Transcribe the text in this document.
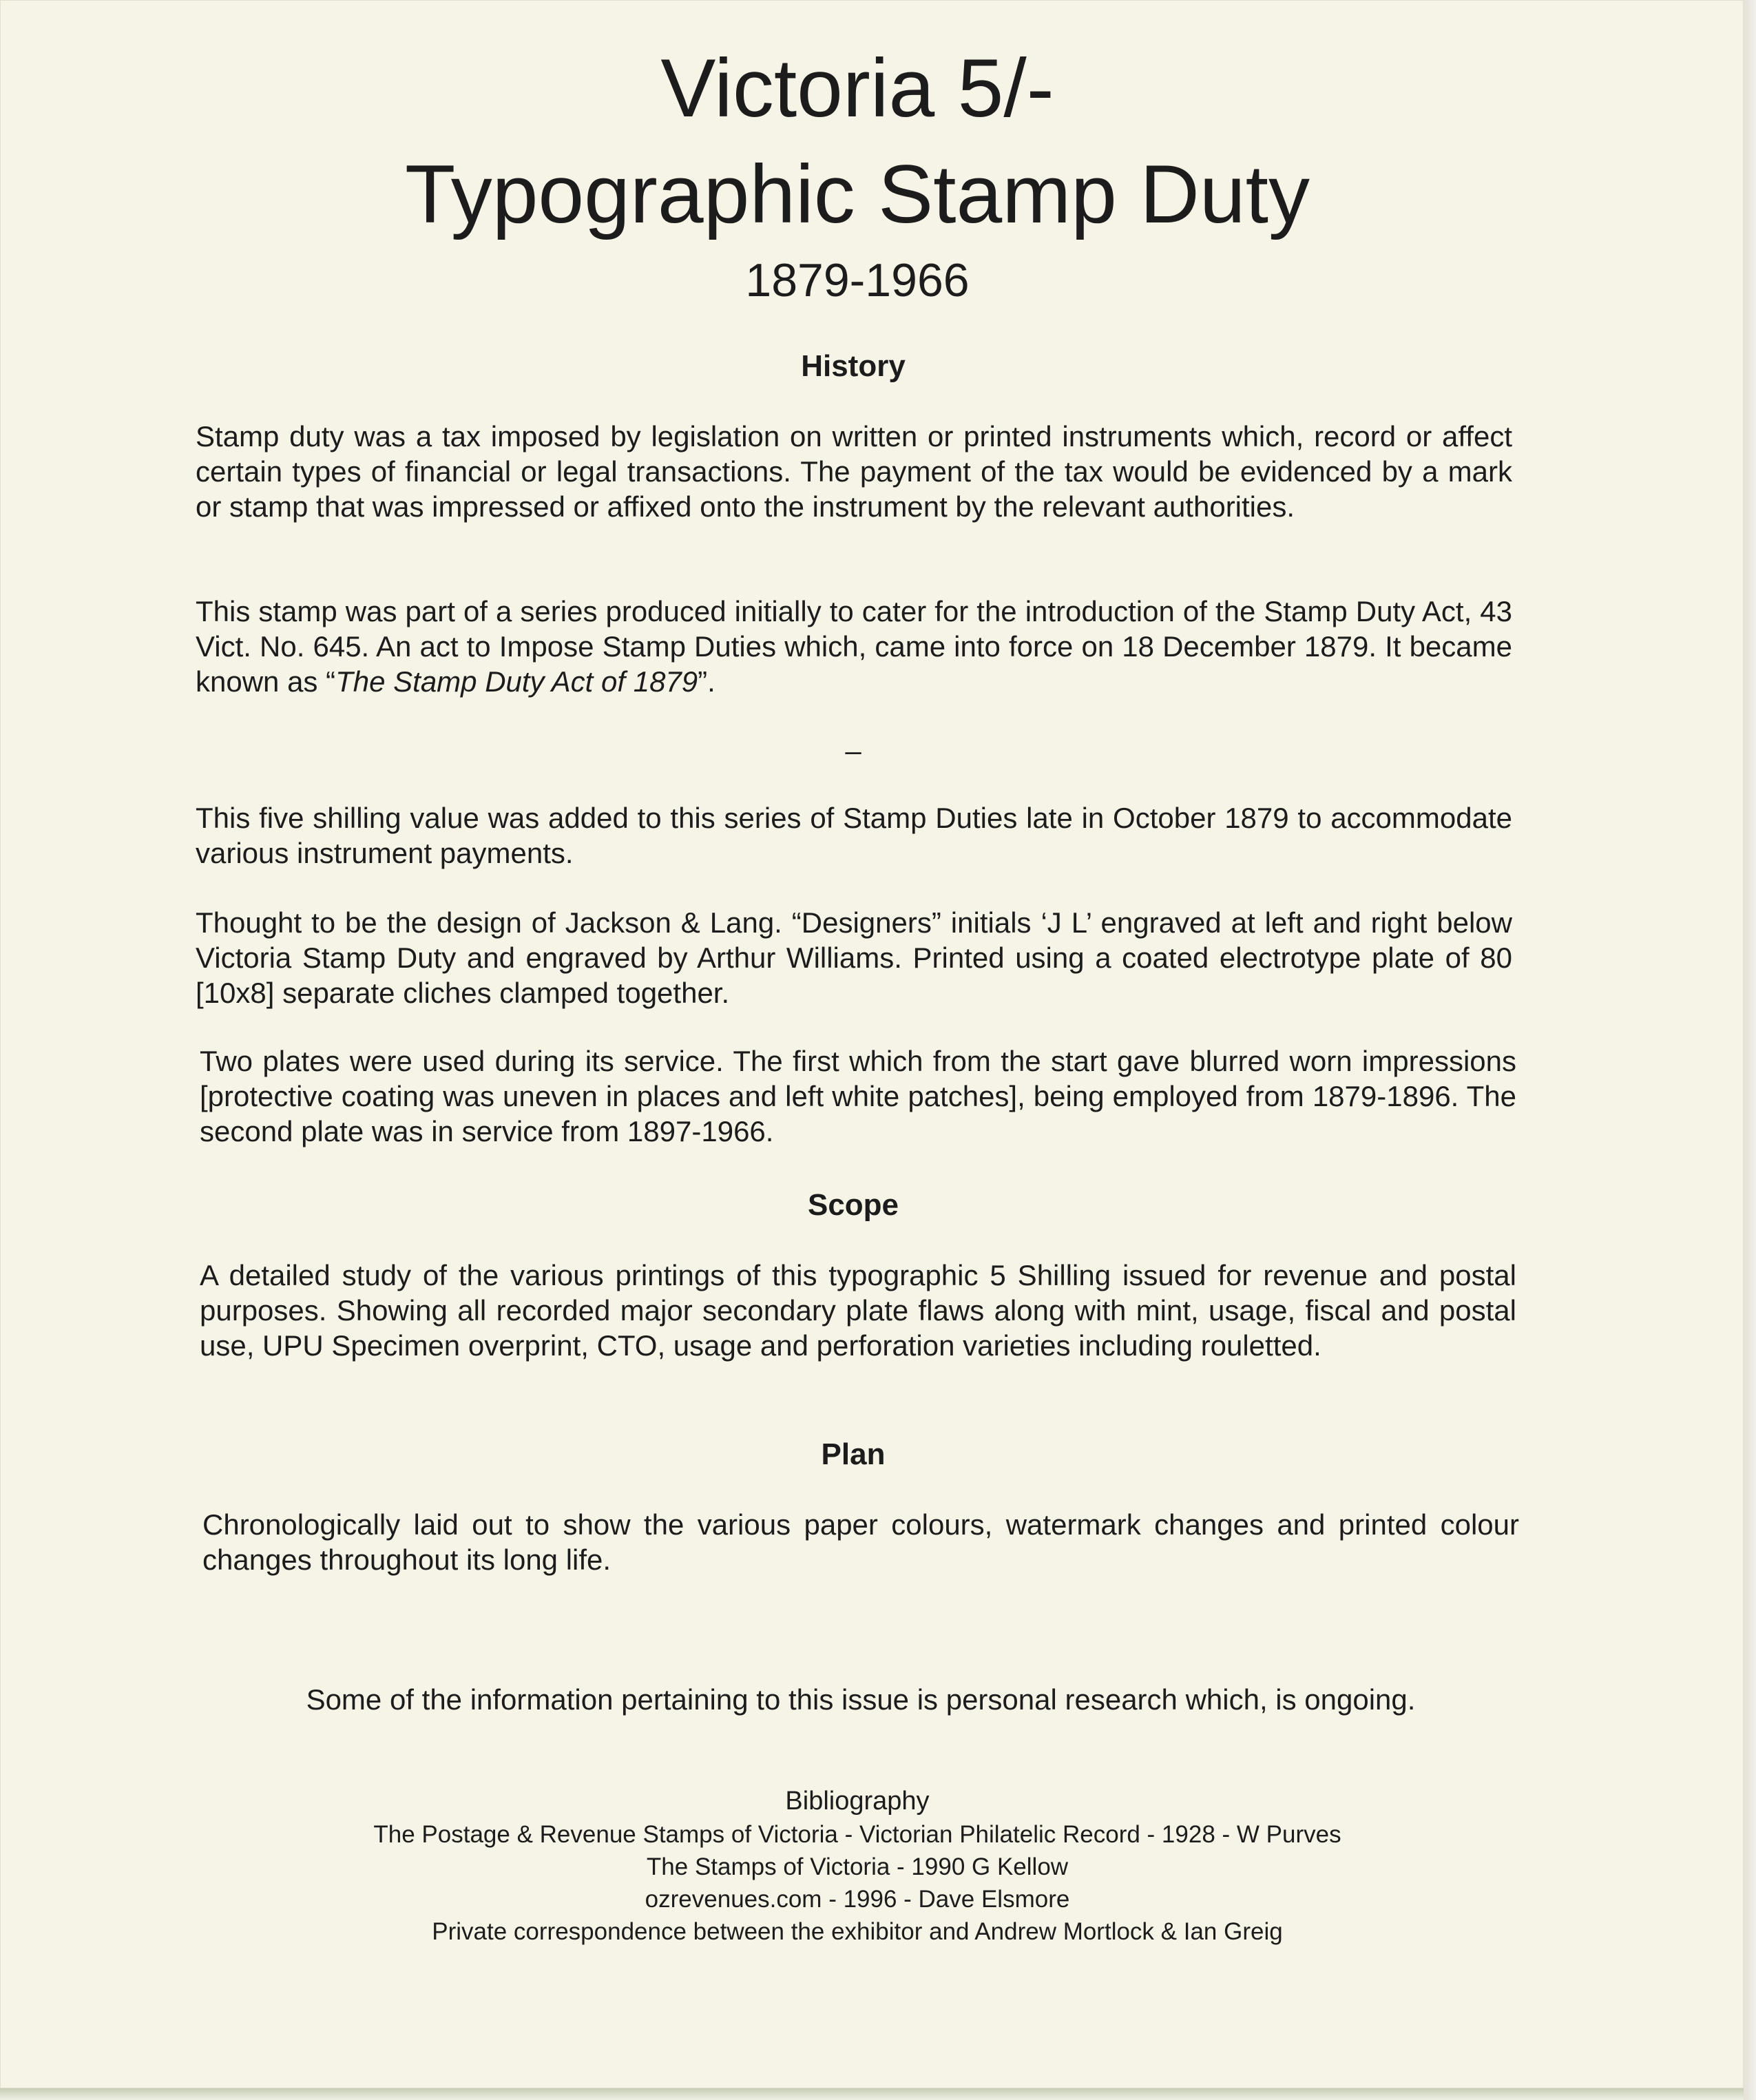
Victoria 5/-
Typographic Stamp Duty
1879-1966
History
Stamp duty was a tax imposed by legislation on written or printed instruments which, record or affect certain types of financial or legal transactions. The payment of the tax would be evidenced by a mark or stamp that was impressed or affixed onto the instrument by the relevant authorities.
This stamp was part of a series produced initially to cater for the introduction of the Stamp Duty Act, 43 Vict. No. 645. An act to Impose Stamp Duties which, came into force on 18 December 1879. It became known as “The Stamp Duty Act of 1879”.
–
This five shilling value was added to this series of Stamp Duties late in October 1879 to accommodate various instrument payments.
Thought to be the design of Jackson & Lang. “Designers” initials ‘J L’ engraved at left and right below Victoria Stamp Duty and engraved by Arthur Williams. Printed using a coated electrotype plate of 80 [10x8] separate cliches clamped together.
Two plates were used during its service. The first which from the start gave blurred worn impressions [protective coating was uneven in places and left white patches], being employed from 1879-1896. The second plate was in service from 1897-1966.
Scope
A detailed study of the various printings of this typographic 5 Shilling issued for revenue and postal purposes. Showing all recorded major secondary plate flaws along with mint, usage, fiscal and postal use, UPU Specimen overprint, CTO, usage and perforation varieties including rouletted.
Plan
Chronologically laid out to show the various paper colours, watermark changes and printed colour changes throughout its long life.
Some of the information pertaining to this issue is personal research which, is ongoing.
Bibliography
The Postage & Revenue Stamps of Victoria - Victorian Philatelic Record - 1928 - W Purves
The Stamps of Victoria - 1990 G Kellow
ozrevenues.com - 1996 - Dave Elsmore
Private correspondence between the exhibitor and Andrew Mortlock & Ian Greig
